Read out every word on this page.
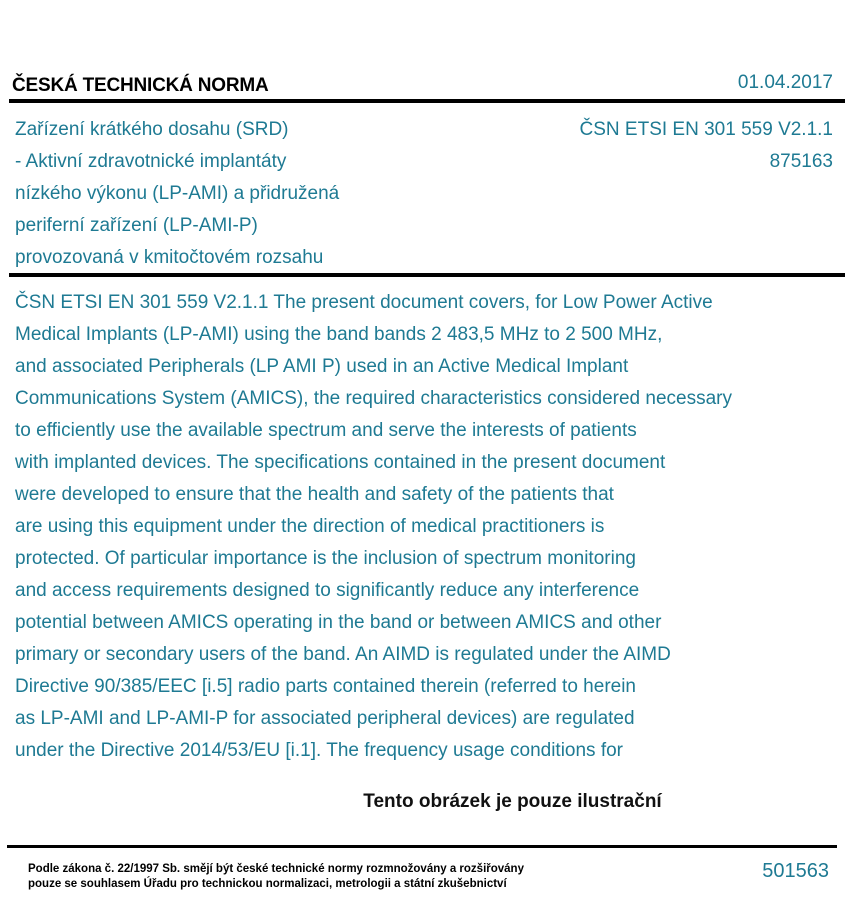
ČESKÁ TECHNICKÁ NORMA	01.04.2017
Zařízení krátkého dosahu (SRD)
- Aktivní zdravotnické implantáty
nízkého výkonu (LP-AMI) a přidružená
periferní zařízení (LP-AMI-P)
provozovaná v kmitočtovém rozsahu
ČSN ETSI EN 301 559 V2.1.1
875163
ČSN ETSI EN 301 559 V2.1.1 The present document covers, for Low Power Active
Medical Implants (LP-AMI) using the band bands 2 483,5 MHz to 2 500 MHz,
and associated Peripherals (LP AMI P) used in an Active Medical Implant
Communications System (AMICS), the required characteristics considered necessary
to efficiently use the available spectrum and serve the interests of patients
with implanted devices. The specifications contained in the present document
were developed to ensure that the health and safety of the patients that
are using this equipment under the direction of medical practitioners is
protected. Of particular importance is the inclusion of spectrum monitoring
and access requirements designed to significantly reduce any interference
potential between AMICS operating in the band or between AMICS and other
primary or secondary users of the band. An AIMD is regulated under the AIMD
Directive 90/385/EEC [i.5] radio parts contained therein (referred to herein
as LP-AMI and LP-AMI-P for associated peripheral devices) are regulated
under the Directive 2014/53/EU [i.1]. The frequency usage conditions for
Tento obrázek je pouze ilustrační
Podle zákona č. 22/1997 Sb. smějí být české technické normy rozmnožovány a rozšiřovány
pouze se souhlasem Úřadu pro technickou normalizaci, metrologii a státní zkušebnictví
501563
